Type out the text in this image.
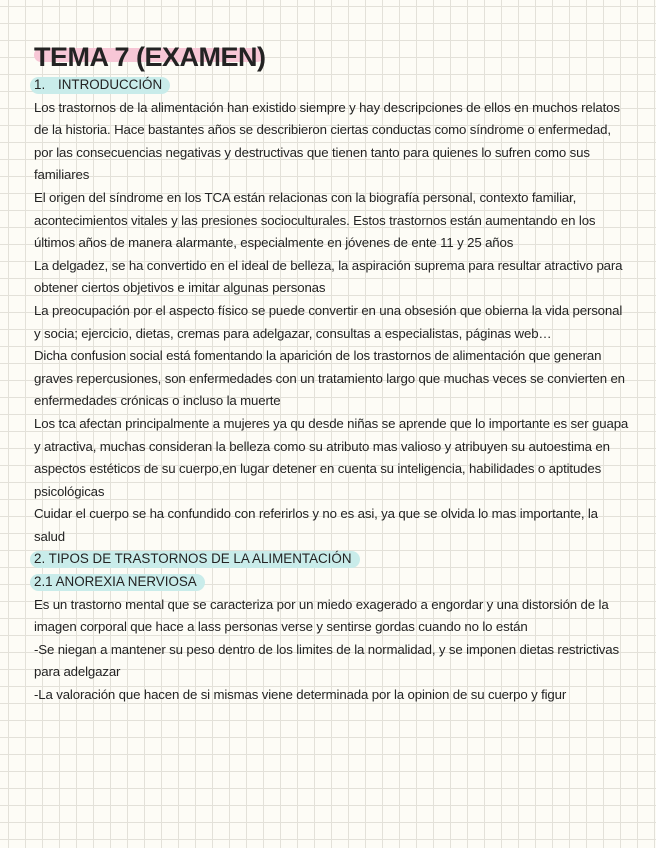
TEMA 7 (EXAMEN)
1. INTRODUCCIÓN

Los trastornos de la alimentación han existido siempre y hay descripciones de ellos en muchos relatos de la historia. Hace bastantes años se describieron ciertas conductas como síndrome o enfermedad, por las consecuencias negativas y destructivas que tienen tanto para quienes lo sufren como sus familiares

El origen del síndrome en los TCA están relacionas con la biografía personal, contexto familiar, acontecimientos vitales y las presiones socioculturales. Estos trastornos están aumentando en los últimos años de manera alarmante, especialmente en jóvenes de ente 11 y 25 años

La delgadez, se ha convertido en el ideal de belleza, la aspiración suprema para resultar atractivo para obtener ciertos objetivos e imitar algunas personas

La preocupación por el aspecto físico se puede convertir en una obsesión que obierna la vida personal y socia; ejercicio, dietas, cremas para adelgazar, consultas a especialistas, páginas web…

Dicha confusion social está fomentando la aparición de los trastornos de alimentación que generan graves repercusiones, son enfermedades con un tratamiento largo que muchas veces se convierten en enfermedades crónicas o incluso la muerte

Los tca afectan principalmente a mujeres ya qu desde niñas se aprende que lo importante es ser guapa y atractiva, muchas consideran la belleza como su atributo mas valioso y atribuyen su autoestima en aspectos estéticos de su cuerpo,en lugar detener en cuenta su inteligencia, habilidades o aptitudes psicológicas

Cuidar el cuerpo se ha confundido con referirlos y no es asi, ya que se olvida lo mas importante, la salud

2. TIPOS DE TRASTORNOS DE LA ALIMENTACIÓN
2.1 ANOREXIA NERVIOSA

Es un trastorno mental que se caracteriza por un miedo exagerado a engordar y una distorsión de la imagen corporal que hace a lass personas verse y sentirse gordas cuando no lo están

-Se niegan a mantener su peso dentro de los limites de la normalidad, y se imponen dietas restrictivas para adelgazar

-La valoración que hacen de si mismas viene determinada por la opinion de su cuerpo y figur
